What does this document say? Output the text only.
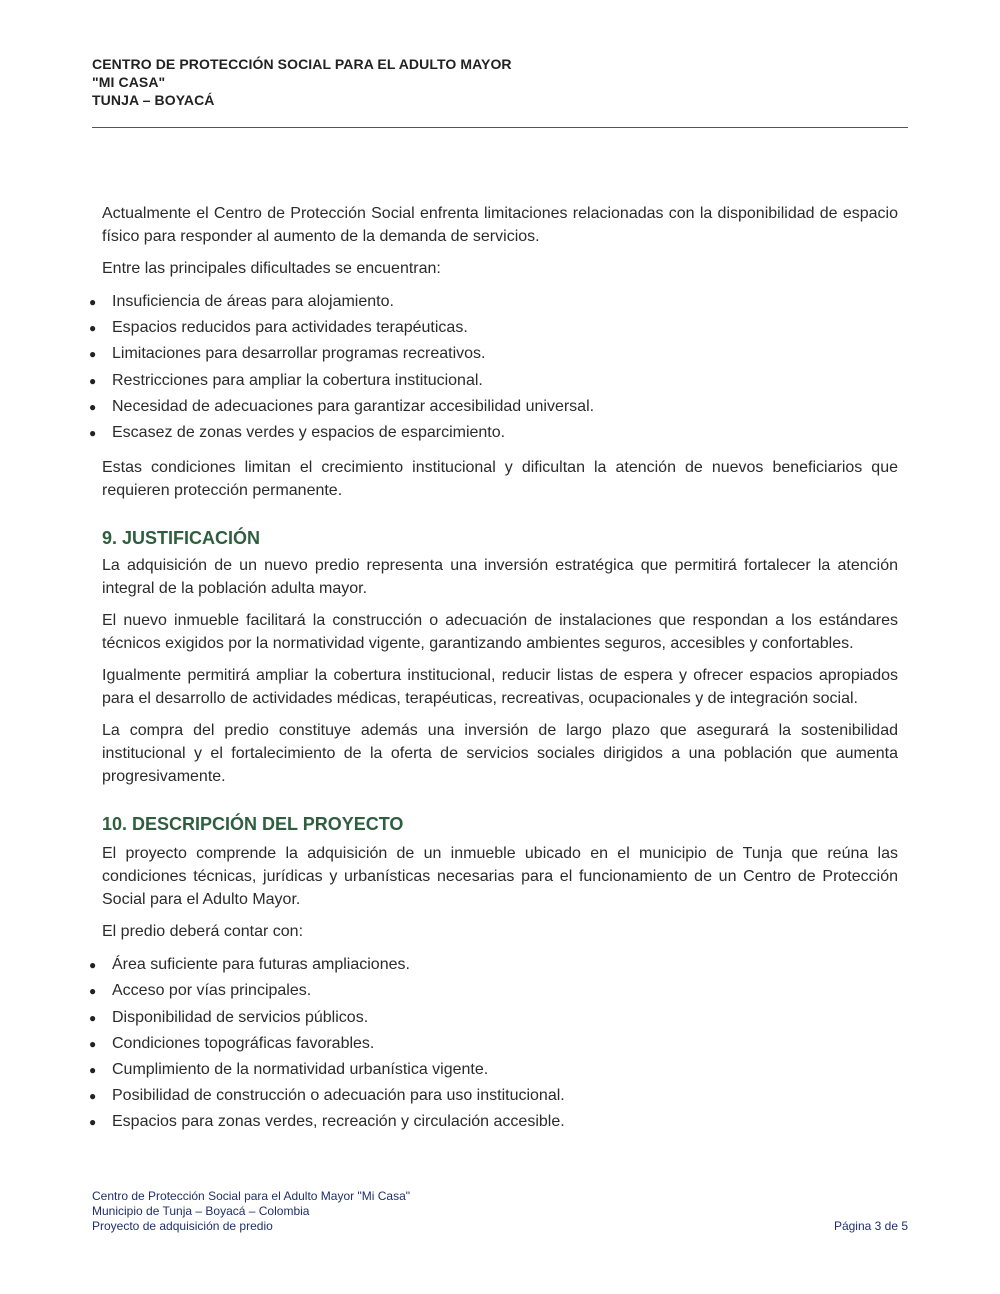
CENTRO DE PROTECCIÓN SOCIAL PARA EL ADULTO MAYOR
"MI CASA"
TUNJA – BOYACÁ

Actualmente el Centro de Protección Social enfrenta limitaciones relacionadas con la disponibilidad de espacio físico para responder al aumento de la demanda de servicios.

Entre las principales dificultades se encuentran:

● Insuficiencia de áreas para alojamiento.
● Espacios reducidos para actividades terapéuticas.
● Limitaciones para desarrollar programas recreativos.
● Restricciones para ampliar la cobertura institucional.
● Necesidad de adecuaciones para garantizar accesibilidad universal.
● Escasez de zonas verdes y espacios de esparcimiento.

Estas condiciones limitan el crecimiento institucional y dificultan la atención de nuevos beneficiarios que requieren protección permanente.

9. JUSTIFICACIÓN

La adquisición de un nuevo predio representa una inversión estratégica que permitirá fortalecer la atención integral de la población adulta mayor.

El nuevo inmueble facilitará la construcción o adecuación de instalaciones que respondan a los estándares técnicos exigidos por la normatividad vigente, garantizando ambientes seguros, accesibles y confortables.

Igualmente permitirá ampliar la cobertura institucional, reducir listas de espera y ofrecer espacios apropiados para el desarrollo de actividades médicas, terapéuticas, recreativas, ocupacionales y de integración social.

La compra del predio constituye además una inversión de largo plazo que asegurará la sostenibilidad institucional y el fortalecimiento de la oferta de servicios sociales dirigidos a una población que aumenta progresivamente.

10. DESCRIPCIÓN DEL PROYECTO

El proyecto comprende la adquisición de un inmueble ubicado en el municipio de Tunja que reúna las condiciones técnicas, jurídicas y urbanísticas necesarias para el funcionamiento de un Centro de Protección Social para el Adulto Mayor.

El predio deberá contar con:

● Área suficiente para futuras ampliaciones.
● Acceso por vías principales.
● Disponibilidad de servicios públicos.
● Condiciones topográficas favorables.
● Cumplimiento de la normatividad urbanística vigente.
● Posibilidad de construcción o adecuación para uso institucional.
● Espacios para zonas verdes, recreación y circulación accesible.
Centro de Protección Social para el Adulto Mayor "Mi Casa"
Municipio de Tunja – Boyacá – Colombia
Proyecto de adquisición de predio	Página 3 de 5
